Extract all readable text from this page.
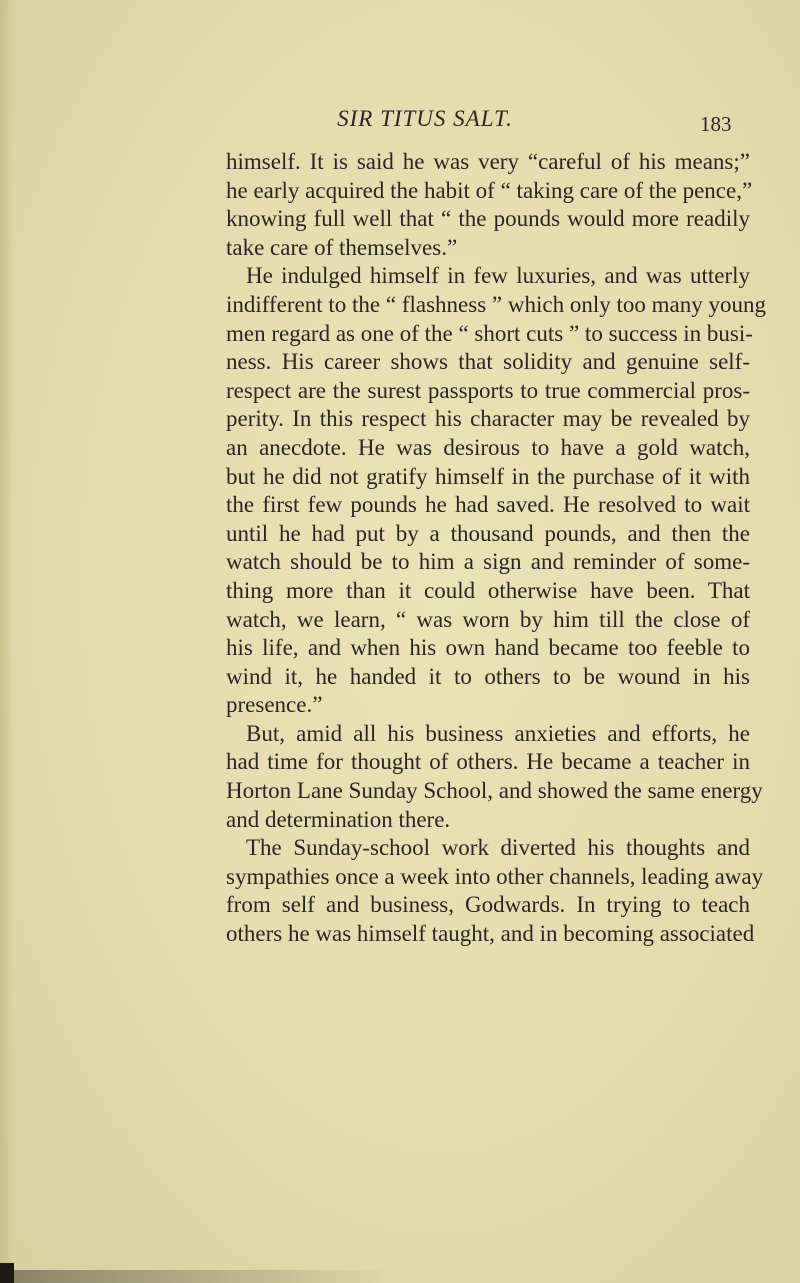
SIR TITUS SALT.	183
himself. It is said he was very “careful of his means;”
he early acquired the habit of “ taking care of the pence,”
knowing full well that “ the pounds would more readily
take care of themselves.”
He indulged himself in few luxuries, and was utterly
indifferent to the “ flashness ” which only too many young
men regard as one of the “ short cuts ” to success in busi-
ness. His career shows that solidity and genuine self-
respect are the surest passports to true commercial pros-
perity. In this respect his character may be revealed by
an anecdote. He was desirous to have a gold watch,
but he did not gratify himself in the purchase of it with
the first few pounds he had saved. He resolved to wait
until he had put by a thousand pounds, and then the
watch should be to him a sign and reminder of some-
thing more than it could otherwise have been. That
watch, we learn, “ was worn by him till the close of
his life, and when his own hand became too feeble to
wind it, he handed it to others to be wound in his
presence.”
But, amid all his business anxieties and efforts, he
had time for thought of others. He became a teacher in
Horton Lane Sunday School, and showed the same energy
and determination there.
The Sunday-school work diverted his thoughts and
sympathies once a week into other channels, leading away
from self and business, Godwards. In trying to teach
others he was himself taught, and in becoming associated
